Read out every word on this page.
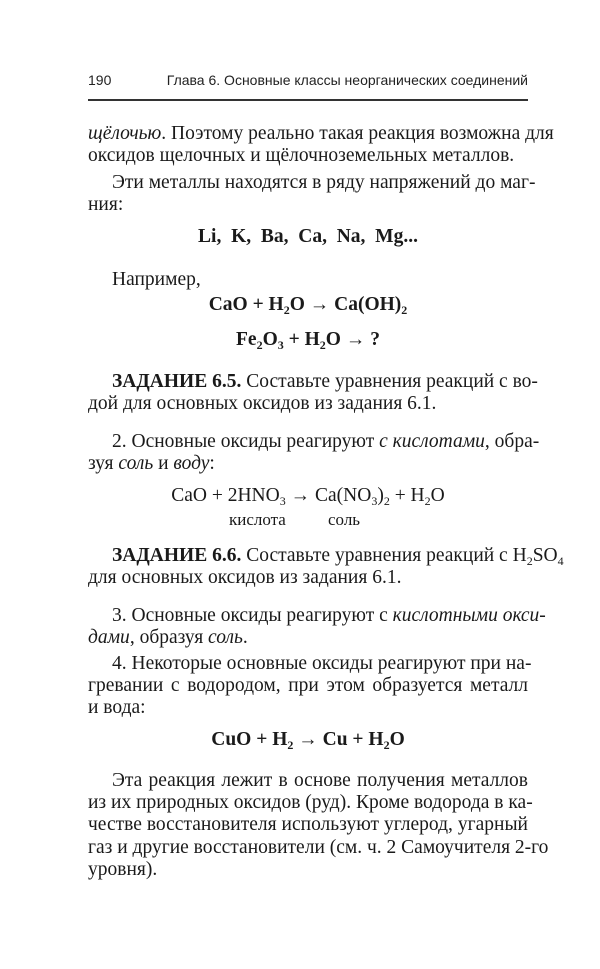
190	Глава 6. Основные классы неорганических соединений
щёлочью. Поэтому реально такая реакция возможна для
оксидов щелочных и щёлочноземельных металлов.
Эти металлы находятся в ряду напряжений до маг-
ния:
Li,  K,  Ba,  Ca,  Na,  Mg...
Например,
CaO + $H_2O \to Ca(OH)_2$
$Fe_2O_3 + H_2O$ → ?
ЗАДАНИЕ 6.5. Составьте уравнения реакций с во-
дой для основных оксидов из задания 6.1.
2. Основные оксиды реагируют с кислотами, обра-
зуя соль и воду:
CaO + $2HNO_3 \to Ca(NO_3)_2 + H_2O$
кислота соль
ЗАДАНИЕ 6.6. Составьте уравнения реакций с $H_2SO_4$
для основных оксидов из задания 6.1.
3. Основные оксиды реагируют с кислотными окси-
дами, образуя соль.
4. Некоторые основные оксиды реагируют при на-
гревании с водородом, при этом образуется металл
и вода:
CuO + $H_2 \to Cu + H_2O$
Эта реакция лежит в основе получения металлов
из их природных оксидов (руд). Кроме водорода в ка-
честве восстановителя используют углерод, угарный
газ и другие восстановители (см. ч. 2 Самоучителя 2-го
уровня).
